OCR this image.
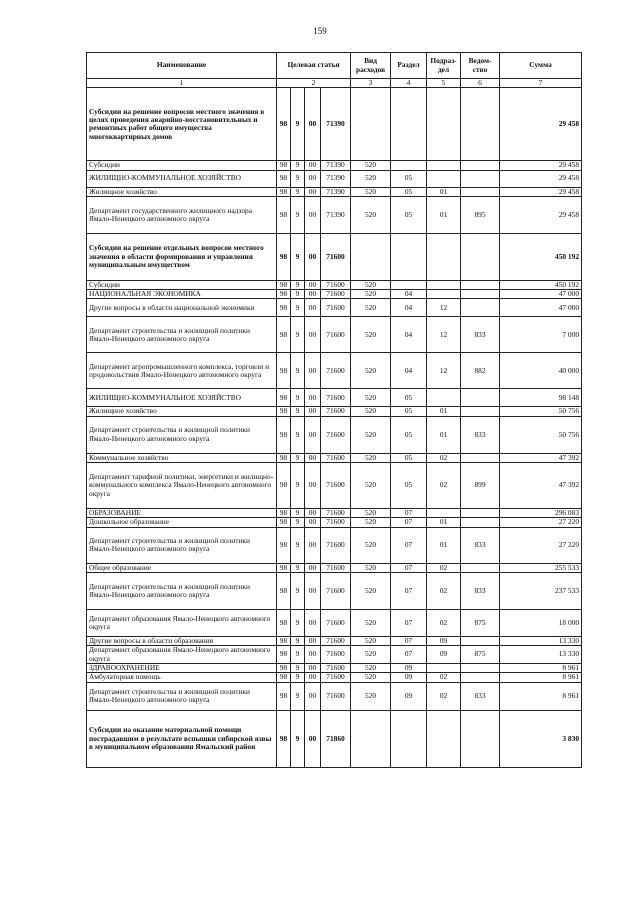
159
Наименование	Целевая статья				Вид расходов	Раздел	Подраз-дел	Ведом-ство	Сумма
1	2				3	4	5	6	7
Субсидии на решение вопросов местного значения в целях проведения аварийно-восстановительных и ремонтных работ общего имущества многоквартирных домов	98	9	00	71390					29 458
Субсидии	98	9	00	71390	520				29 458
ЖИЛИЩНО-КОММУНАЛЬНОЕ ХОЗЯЙСТВО	98	9	00	71390	520	05			29 458
Жилищное хозяйство	98	9	00	71390	520	05	01		29 458
Департамент государственного жилищного надзора Ямало-Ненецкого автономного округа	98	9	00	71390	520	05	01	895	29 458
Субсидии на решение отдельных вопросов местного значения в области формирования и управления муниципальным имуществом	98	9	00	71600					450 192
Субсидии	98	9	00	71600	520				450 192
НАЦИОНАЛЬНАЯ ЭКОНОМИКА	98	9	00	71600	520	04			47 000
Другие вопросы в области национальной экономики	98	9	00	71600	520	04	12		47 000
Департамент строительства и жилищной политики Ямало-Ненецкого автономного округа	98	9	00	71600	520	04	12	833	7 000
Департамент агропромышленного комплекса, торговли и продовольствия Ямало-Ненецкого автономного округа	98	9	00	71600	520	04	12	882	40 000
ЖИЛИЩНО-КОММУНАЛЬНОЕ ХОЗЯЙСТВО	98	9	00	71600	520	05			98 148
Жилищное хозяйство	98	9	00	71600	520	05	01		50 756
Департамент строительства и жилищной политики Ямало-Ненецкого автономного округа	98	9	00	71600	520	05	01	833	50 756
Коммунальное хозяйство	98	9	00	71600	520	05	02		47 392
Департамент тарифной политики, энергетики и жилищно-коммунального комплекса Ямало-Ненецкого автономного округа	98	9	00	71600	520	05	02	899	47 392
ОБРАЗОВАНИЕ	98	9	00	71600	520	07			296 083
Дошкольное образование	98	9	00	71600	520	07	01		27 220
Департамент строительства и жилищной политики Ямало-Ненецкого автономного округа	98	9	00	71600	520	07	01	833	27 220
Общее образование	98	9	00	71600	520	07	02		255 533
Департамент строительства и жилищной политики Ямало-Ненецкого автономного округа	98	9	00	71600	520	07	02	833	237 533
Департамент образования Ямало-Ненецкого автономного округа	98	9	00	71600	520	07	02	875	18 000
Другие вопросы в области образования	98	9	00	71600	520	07	09		13 330
Департамент образования Ямало-Ненецкого автономного округа	98	9	00	71600	520	07	09	875	13 330
ЗДРАВООХРАНЕНИЕ	98	9	00	71600	520	09			8 961
Амбулаторная помощь	98	9	00	71600	520	09	02		8 961
Департамент строительства и жилищной политики Ямало-Ненецкого автономного округа	98	9	00	71600	520	09	02	833	8 961
Субсидии на оказание материальной помощи пострадавшим в результате вспышки сибирской язвы в муниципальном образовании Ямальский район	98	9	00	71860					3 830
